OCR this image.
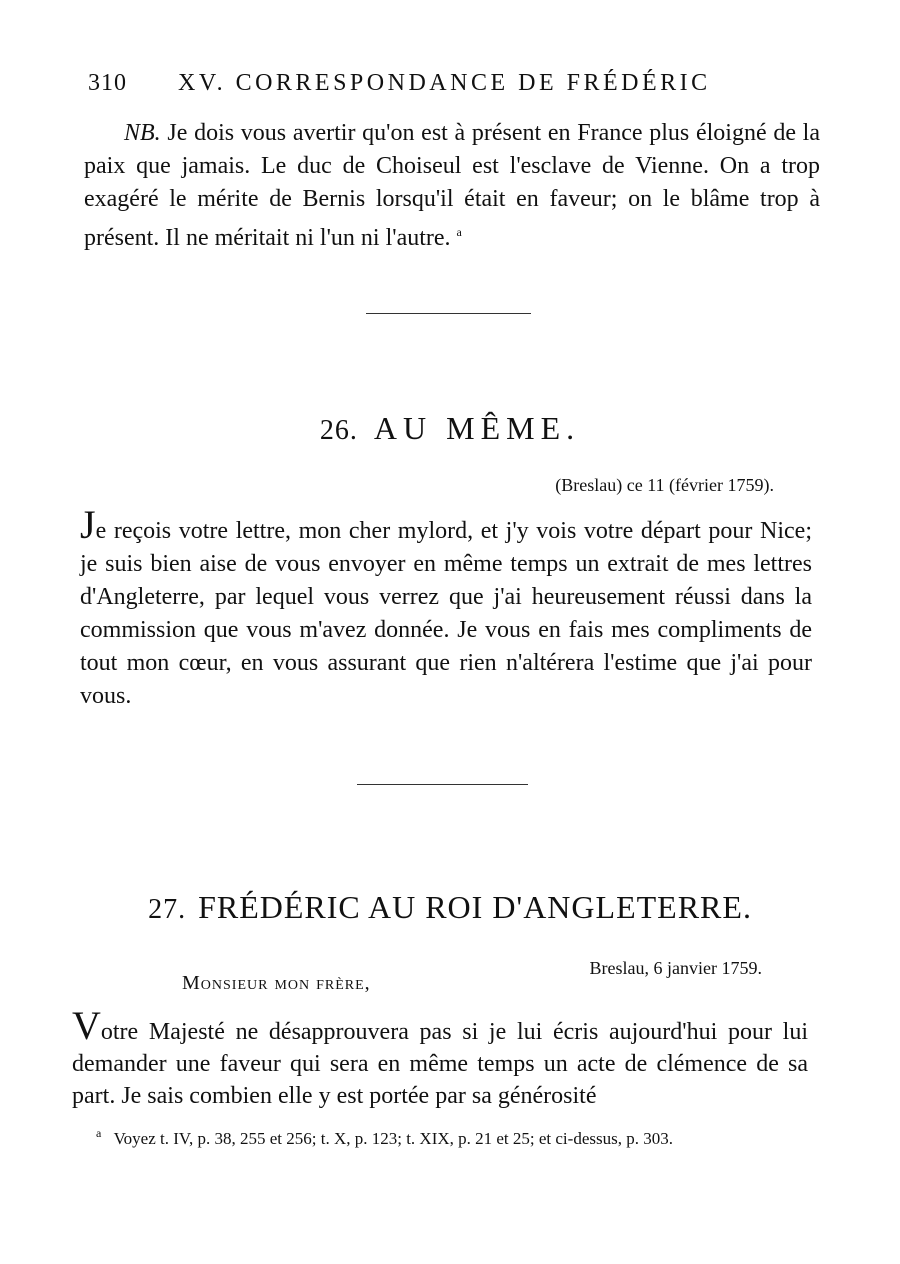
310 XV. CORRESPONDANCE DE FRÉDÉRIC
NB. Je dois vous avertir qu'on est à présent en France plus éloigné de la paix que jamais. Le duc de Choiseul est l'esclave de Vienne. On a trop exagéré le mérite de Bernis lorsqu'il était en faveur; on le blâme trop à présent. Il ne méritait ni l'un ni l'autre. $^a$
26. AU MÊME.
(Breslau) ce 11 (février 1759).
Je reçois votre lettre, mon cher mylord, et j'y vois votre départ pour Nice; je suis bien aise de vous envoyer en même temps un extrait de mes lettres d'Angleterre, par lequel vous verrez que j'ai heureusement réussi dans la commission que vous m'avez donnée. Je vous en fais mes compliments de tout mon cœur, en vous assurant que rien n'altérera l'estime que j'ai pour vous.
27. FRÉDÉRIC AU ROI D'ANGLETERRE.
Breslau, 6 janvier 1759.
Monsieur mon frère,
Votre Majesté ne désapprouvera pas si je lui écris aujourd'hui pour lui demander une faveur qui sera en même temps un acte de clémence de sa part. Je sais combien elle y est portée par sa générosité
$^a$ Voyez t. IV, p. 38, 255 et 256; t. X, p. 123; t. XIX, p. 21 et 25; et ci-dessus, p. 303.
